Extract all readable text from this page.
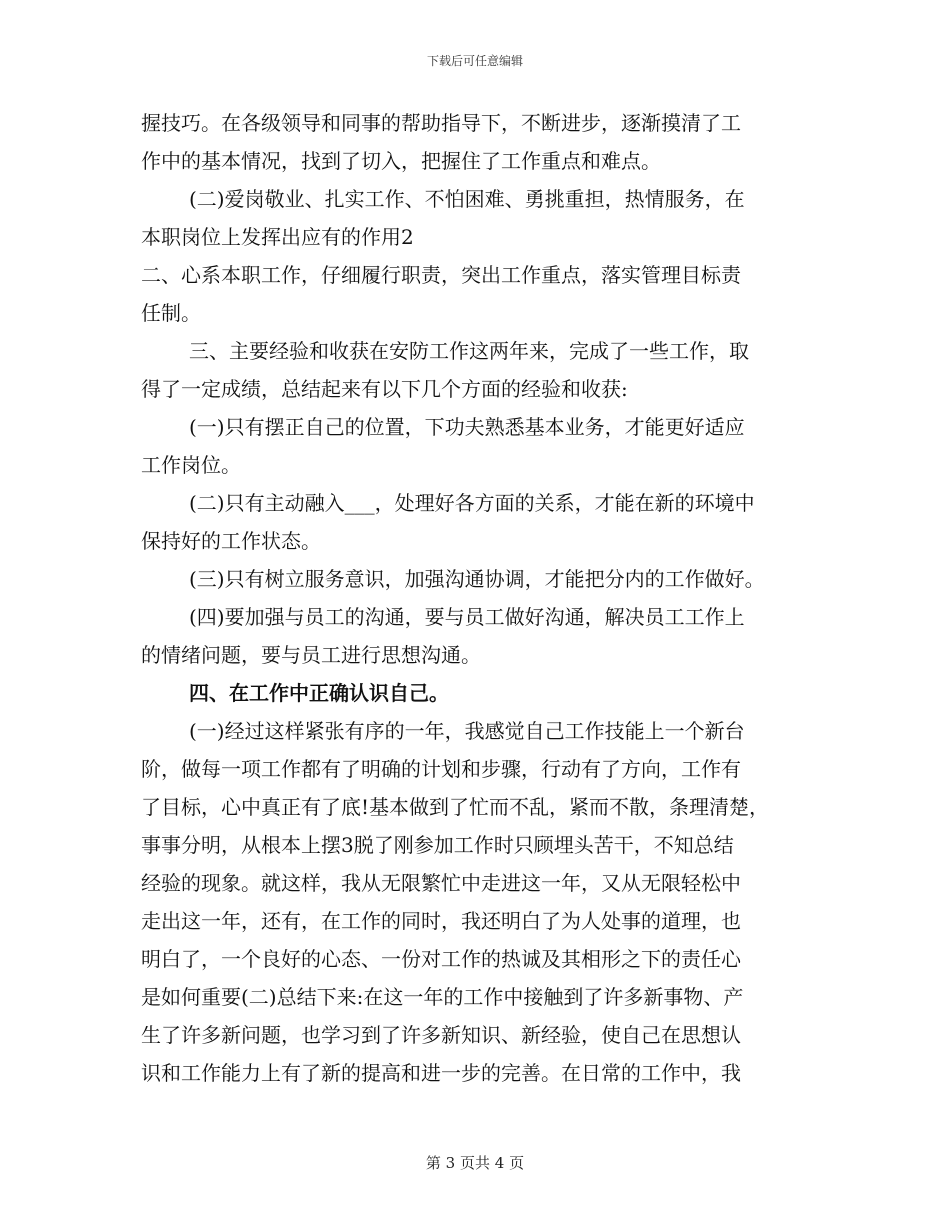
下载后可任意编辑
握技巧。在各级领导和同事的帮助指导下，不断进步，逐渐摸清了工
作中的基本情况，找到了切入，把握住了工作重点和难点。
(二)爱岗敬业、扎实工作、不怕困难、勇挑重担，热情服务，在
本职岗位上发挥出应有的作用2
二、心系本职工作，仔细履行职责，突出工作重点，落实管理目标责
任制。
三、主要经验和收获在安防工作这两年来，完成了一些工作，取
得了一定成绩，总结起来有以下几个方面的经验和收获:
(一)只有摆正自己的位置，下功夫熟悉基本业务，才能更好适应
工作岗位。
(二)只有主动融入___，处理好各方面的关系，才能在新的环境中
保持好的工作状态。
(三)只有树立服务意识，加强沟通协调，才能把分内的工作做好。
(四)要加强与员工的沟通，要与员工做好沟通，解决员工工作上
的情绪问题，要与员工进行思想沟通。
四、在工作中正确认识自己。
(一)经过这样紧张有序的一年，我感觉自己工作技能上一个新台
阶，做每一项工作都有了明确的计划和步骤，行动有了方向，工作有
了目标，心中真正有了底!基本做到了忙而不乱，紧而不散，条理清楚，
事事分明，从根本上摆3脱了刚参加工作时只顾埋头苦干，不知总结
经验的现象。就这样，我从无限繁忙中走进这一年，又从无限轻松中
走出这一年，还有，在工作的同时，我还明白了为人处事的道理，也
明白了，一个良好的心态、一份对工作的热诚及其相形之下的责任心
是如何重要(二)总结下来:在这一年的工作中接触到了许多新事物、产
生了许多新问题，也学习到了许多新知识、新经验，使自己在思想认
识和工作能力上有了新的提高和进一步的完善。在日常的工作中，我
第 3 页共 4 页
